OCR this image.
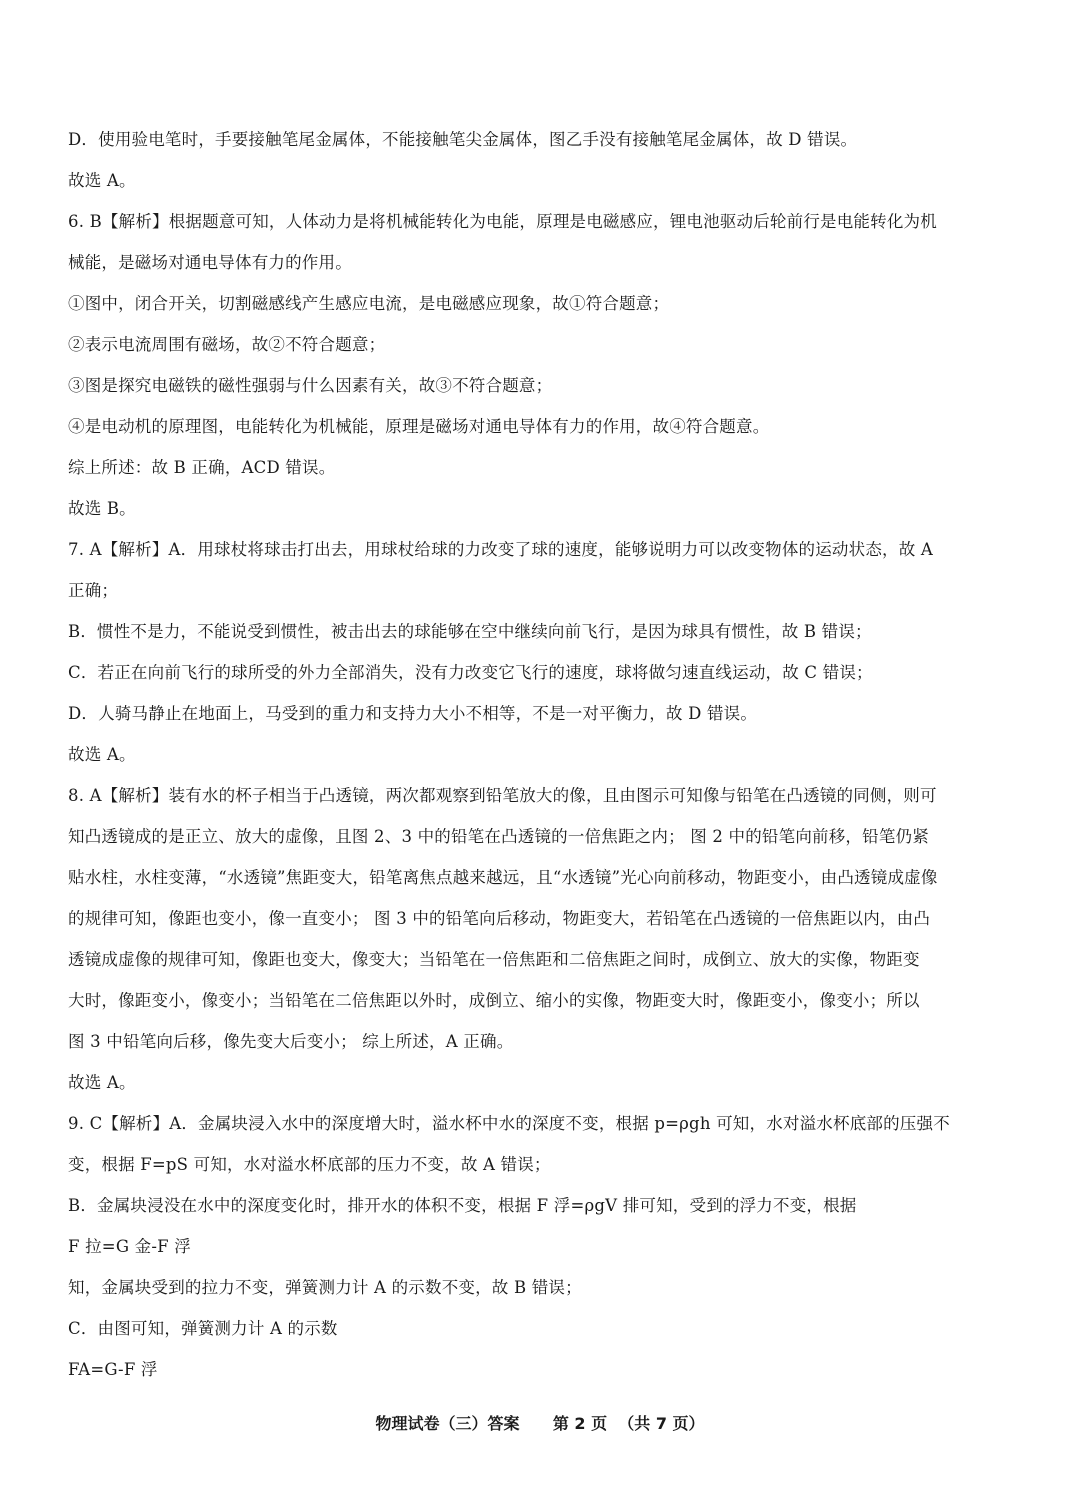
D．使用验电笔时，手要接触笔尾金属体，不能接触笔尖金属体，图乙手没有接触笔尾金属体，故 D 错误。
故选 A。
6. B【解析】根据题意可知，人体动力是将机械能转化为电能，原理是电磁感应，锂电池驱动后轮前行是电能转化为机
械能，是磁场对通电导体有力的作用。
①图中，闭合开关，切割磁感线产生感应电流，是电磁感应现象，故①符合题意；
②表示电流周围有磁场，故②不符合题意；
③图是探究电磁铁的磁性强弱与什么因素有关，故③不符合题意；
④是电动机的原理图，电能转化为机械能，原理是磁场对通电导体有力的作用，故④符合题意。
综上所述：故 B 正确，ACD 错误。
故选 B。
7. A【解析】A．用球杖将球击打出去，用球杖给球的力改变了球的速度，能够说明力可以改变物体的运动状态，故 A
正确；
B．惯性不是力，不能说受到惯性，被击出去的球能够在空中继续向前飞行，是因为球具有惯性，故 B 错误；
C．若正在向前飞行的球所受的外力全部消失，没有力改变它飞行的速度，球将做匀速直线运动，故 C 错误；
D．人骑马静止在地面上，马受到的重力和支持力大小不相等，不是一对平衡力，故 D 错误。
故选 A。
8. A【解析】装有水的杯子相当于凸透镜，两次都观察到铅笔放大的像，且由图示可知像与铅笔在凸透镜的同侧，则可
知凸透镜成的是正立、放大的虚像，且图 2、3 中的铅笔在凸透镜的一倍焦距之内； 图 2 中的铅笔向前移，铅笔仍紧
贴水柱，水柱变薄，“水透镜”焦距变大，铅笔离焦点越来越远，且“水透镜”光心向前移动，物距变小，由凸透镜成虚像
的规律可知，像距也变小，像一直变小； 图 3 中的铅笔向后移动，物距变大，若铅笔在凸透镜的一倍焦距以内，由凸
透镜成虚像的规律可知，像距也变大，像变大；当铅笔在一倍焦距和二倍焦距之间时，成倒立、放大的实像，物距变
大时，像距变小，像变小；当铅笔在二倍焦距以外时，成倒立、缩小的实像，物距变大时，像距变小，像变小；所以
图 3 中铅笔向后移，像先变大后变小； 综上所述，A 正确。
故选 A。
9. C【解析】A．金属块浸入水中的深度增大时，溢水杯中水的深度不变，根据 p=ρgh 可知，水对溢水杯底部的压强不
变，根据 F=pS 可知，水对溢水杯底部的压力不变，故 A 错误；
B．金属块浸没在水中的深度变化时，排开水的体积不变，根据 F 浮=ρgV 排可知，受到的浮力不变，根据
F 拉=G 金-F 浮
知，金属块受到的拉力不变，弹簧测力计 A 的示数不变，故 B 错误；
C．由图可知，弹簧测力计 A 的示数
FA=G-F 浮
物理试卷（三）答案      第 2 页  （共 7 页）
